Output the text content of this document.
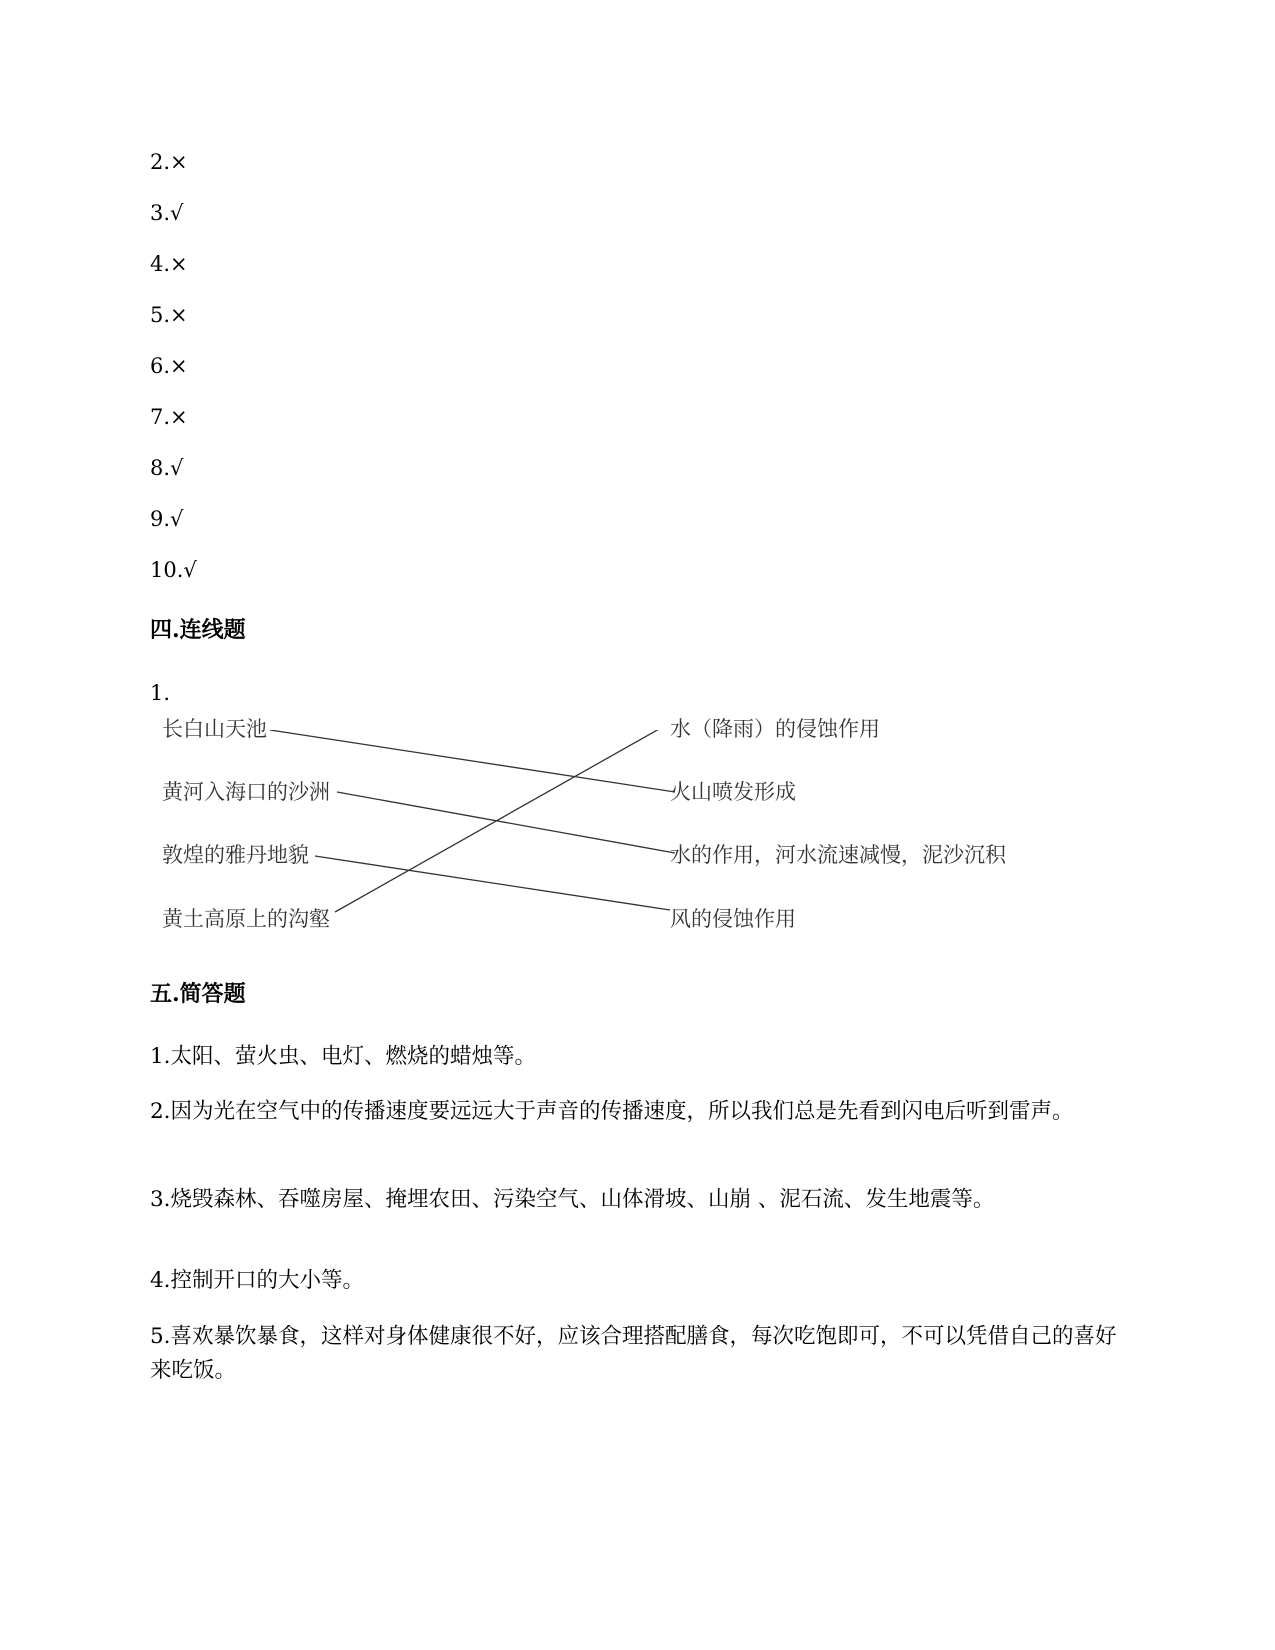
2.×
3.√
4.×
5.×
6.×
7.×
8.√
9.√
10.√
四.连线题
1.
长白山天池
黄河入海口的沙洲
敦煌的雅丹地貌
黄土高原上的沟壑
水（降雨）的侵蚀作用
火山喷发形成
水的作用，河水流速减慢，泥沙沉积
风的侵蚀作用
五.简答题
1.太阳、萤火虫、电灯、燃烧的蜡烛等。
2.因为光在空气中的传播速度要远远大于声音的传播速度，所以我们总是先看到闪电后听到雷声。
3.烧毁森林、吞噬房屋、掩埋农田、污染空气、山体滑坡、山崩 、泥石流、发生地震等。
4.控制开口的大小等。
5.喜欢暴饮暴食，这样对身体健康很不好，应该合理搭配膳食，每次吃饱即可，不可以凭借自己的喜好来吃饭。
